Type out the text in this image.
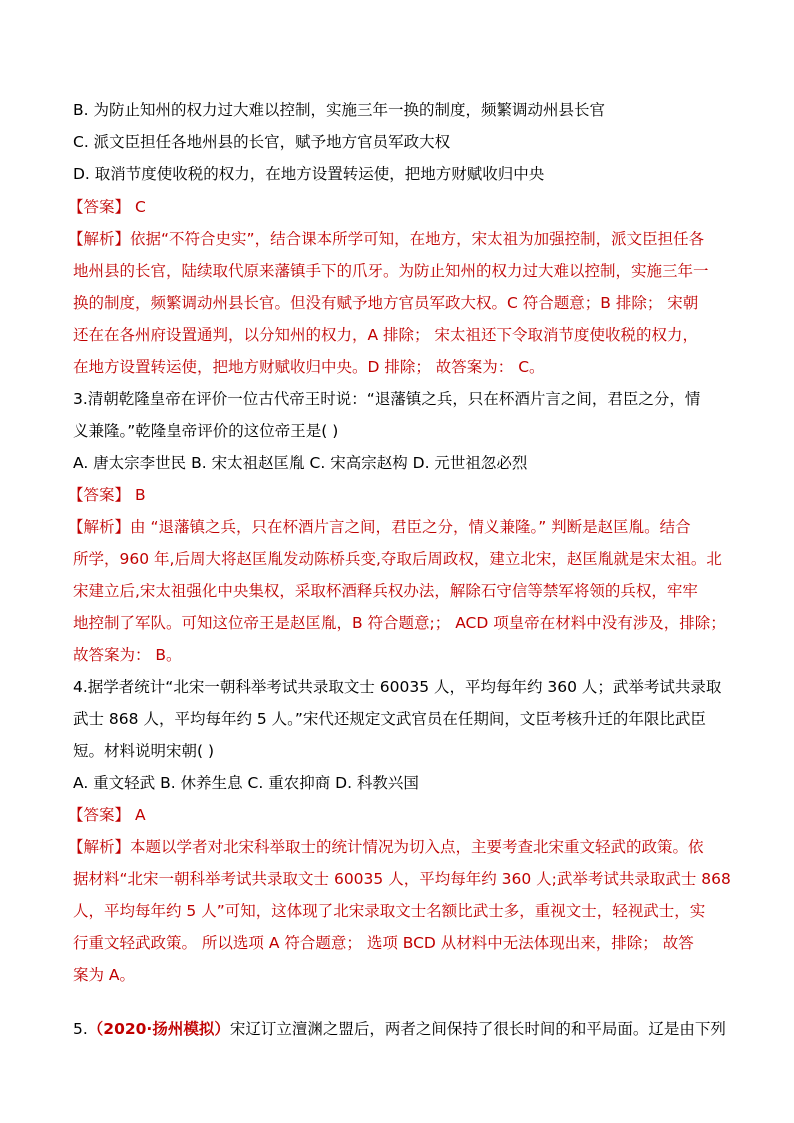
B. 为防止知州的权力过大难以控制，实施三年一换的制度，频繁调动州县长官
C. 派文臣担任各地州县的长官，赋予地方官员军政大权
D. 取消节度使收税的权力，在地方设置转运使，把地方财赋收归中央
【答案】 C
【解析】依据“不符合史实”，结合课本所学可知，在地方，宋太祖为加强控制，派文臣担任各
地州县的长官，陆续取代原来藩镇手下的爪牙。为防止知州的权力过大难以控制，实施三年一
换的制度，频繁调动州县长官。但没有赋予地方官员军政大权。C 符合题意；B 排除； 宋朝
还在在各州府设置通判，以分知州的权力，A 排除； 宋太祖还下令取消节度使收税的权力，
在地方设置转运使，把地方财赋收归中央。D 排除； 故答案为： C。
3.清朝乾隆皇帝在评价一位古代帝王时说：“退藩镇之兵，只在杯酒片言之间，君臣之分，情
义兼隆。”乾隆皇帝评价的这位帝王是( )
A. 唐太宗李世民 B. 宋太祖赵匡胤 C. 宋高宗赵构 D. 元世祖忽必烈
【答案】 B
【解析】由 “退藩镇之兵，只在杯酒片言之间，君臣之分，情义兼隆。” 判断是赵匡胤。结合
所学，960 年,后周大将赵匡胤发动陈桥兵变,夺取后周政权，建立北宋，赵匡胤就是宋太祖。北
宋建立后,宋太祖强化中央集权，采取杯酒释兵权办法，解除石守信等禁军将领的兵权，牢牢
地控制了军队。可知这位帝王是赵匡胤，B 符合题意;； ACD 项皇帝在材料中没有涉及，排除；
故答案为： B。
4.据学者统计“北宋一朝科举考试共录取文士 60035 人，平均每年约 360 人；武举考试共录取
武士 868 人，平均每年约 5 人。”宋代还规定文武官员在任期间，文臣考核升迁的年限比武臣
短。材料说明宋朝( )
A. 重文轻武 B. 休养生息 C. 重农抑商 D. 科教兴国
【答案】 A
【解析】本题以学者对北宋科举取士的统计情况为切入点，主要考查北宋重文轻武的政策。依
据材料“北宋一朝科举考试共录取文士 60035 人，平均每年约 360 人;武举考试共录取武士 868
人，平均每年约 5 人”可知，这体现了北宋录取文士名额比武士多，重视文士，轻视武士，实
行重文轻武政策。 所以选项 A 符合题意； 选项 BCD 从材料中无法体现出来，排除； 故答
案为 A。
5.（2020·扬州模拟）宋辽订立澶渊之盟后，两者之间保持了很长时间的和平局面。辽是由下列
